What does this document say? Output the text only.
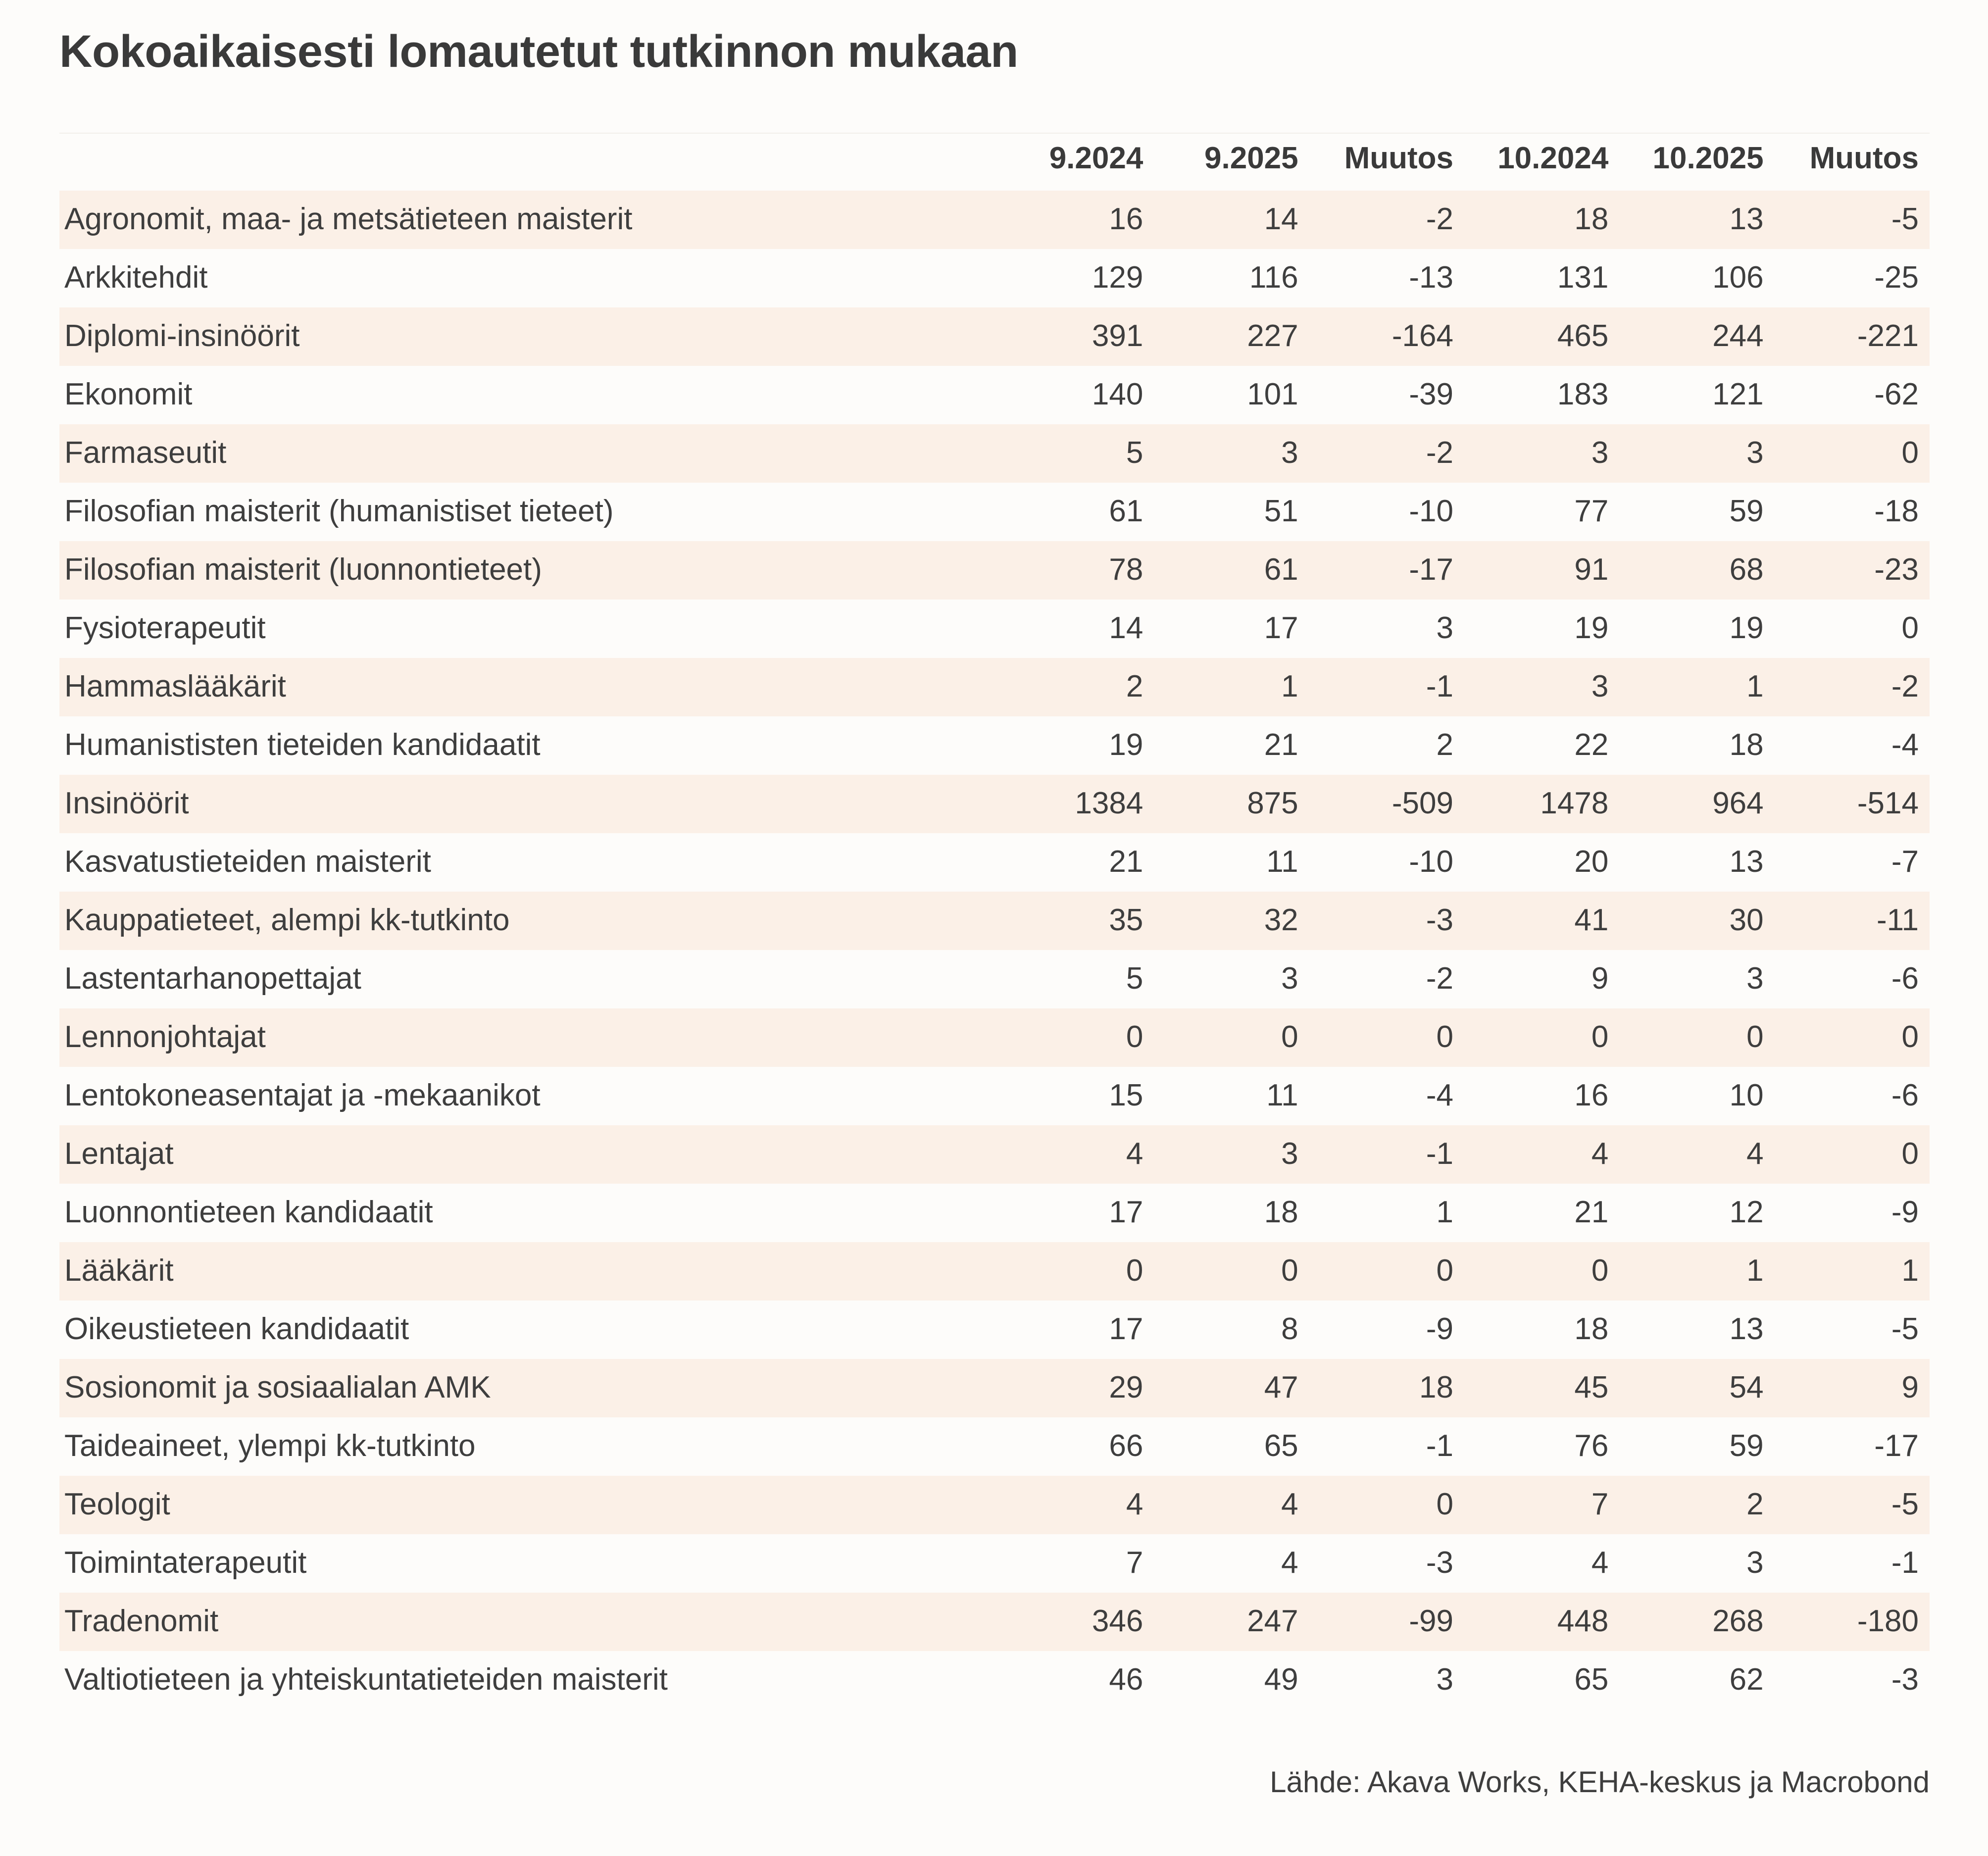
Kokoaikaisesti lomautetut tutkinnon mukaan
	9.2024	9.2025	Muutos	10.2024	10.2025	Muutos
Agronomit, maa- ja metsätieteen maisterit	16	14	-2	18	13	-5
Arkkitehdit	129	116	-13	131	106	-25
Diplomi-insinöörit	391	227	-164	465	244	-221
Ekonomit	140	101	-39	183	121	-62
Farmaseutit	5	3	-2	3	3	0
Filosofian maisterit (humanistiset tieteet)	61	51	-10	77	59	-18
Filosofian maisterit (luonnontieteet)	78	61	-17	91	68	-23
Fysioterapeutit	14	17	3	19	19	0
Hammaslääkärit	2	1	-1	3	1	-2
Humanististen tieteiden kandidaatit	19	21	2	22	18	-4
Insinöörit	1384	875	-509	1478	964	-514
Kasvatustieteiden maisterit	21	11	-10	20	13	-7
Kauppatieteet, alempi kk-tutkinto	35	32	-3	41	30	-11
Lastentarhanopettajat	5	3	-2	9	3	-6
Lennonjohtajat	0	0	0	0	0	0
Lentokoneasentajat ja -mekaanikot	15	11	-4	16	10	-6
Lentajat	4	3	-1	4	4	0
Luonnontieteen kandidaatit	17	18	1	21	12	-9
Lääkärit	0	0	0	0	1	1
Oikeustieteen kandidaatit	17	8	-9	18	13	-5
Sosionomit ja sosiaalialan AMK	29	47	18	45	54	9
Taideaineet, ylempi kk-tutkinto	66	65	-1	76	59	-17
Teologit	4	4	0	7	2	-5
Toimintaterapeutit	7	4	-3	4	3	-1
Tradenomit	346	247	-99	448	268	-180
Valtiotieteen ja yhteiskuntatieteiden maisterit	46	49	3	65	62	-3
Lähde: Akava Works, KEHA-keskus ja Macrobond
